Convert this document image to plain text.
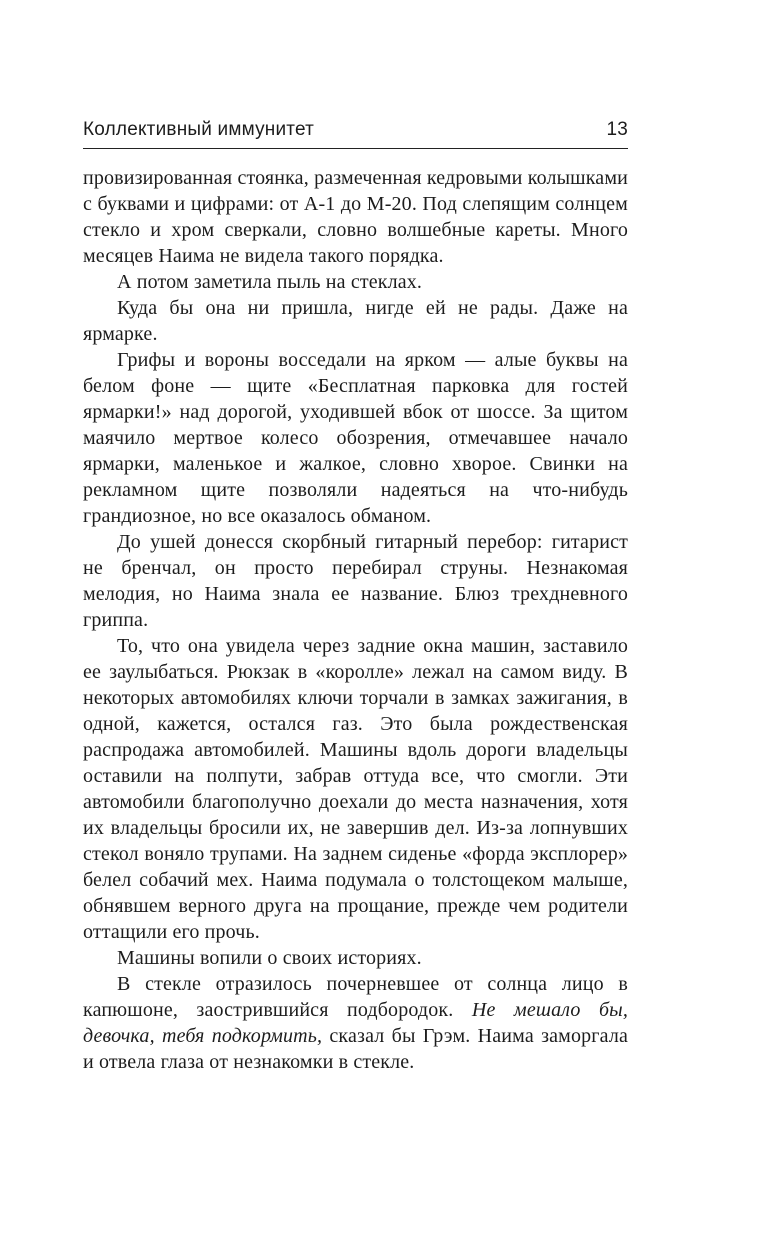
Коллективный иммунитет	13

провизированная стоянка, размеченная кедровыми колышками с буквами и цифрами: от А-1 до М-20. Под слепящим солнцем стекло и хром сверкали, словно волшебные кареты. Много месяцев Наима не видела такого порядка.

А потом заметила пыль на стеклах.

Куда бы она ни пришла, нигде ей не рады. Даже на ярмарке.

Грифы и вороны восседали на ярком — алые буквы на белом фоне — щите «Бесплатная парковка для гостей ярмарки!» над дорогой, уходившей вбок от шоссе. За щитом маячило мертвое колесо обозрения, отмечавшее начало ярмарки, маленькое и жалкое, словно хворое. Свинки на рекламном щите позволяли надеяться на что-нибудь грандиозное, но все оказалось обманом.

До ушей донесся скорбный гитарный перебор: гитарист не бренчал, он просто перебирал струны. Незнакомая мелодия, но Наима знала ее название. Блюз трехдневного гриппа.

То, что она увидела через задние окна машин, заставило ее заулыбаться. Рюкзак в «королле» лежал на самом виду. В некоторых автомобилях ключи торчали в замках зажигания, в одной, кажется, остался газ. Это была рождественская распродажа автомобилей. Машины вдоль дороги владельцы оставили на полпути, забрав оттуда все, что смогли. Эти автомобили благополучно доехали до места назначения, хотя их владельцы бросили их, не завершив дел. Из-за лопнувших стекол воняло трупами. На заднем сиденье «форда эксплорер» белел собачий мех. Наима подумала о толстощеком малыше, обнявшем верного друга на прощание, прежде чем родители оттащили его прочь.

Машины вопили о своих историях.

В стекле отразилось почерневшее от солнца лицо в капюшоне, заострившийся подбородок. Не мешало бы, девочка, тебя подкормить, сказал бы Грэм. Наима заморгала и отвела глаза от незнакомки в стекле.
